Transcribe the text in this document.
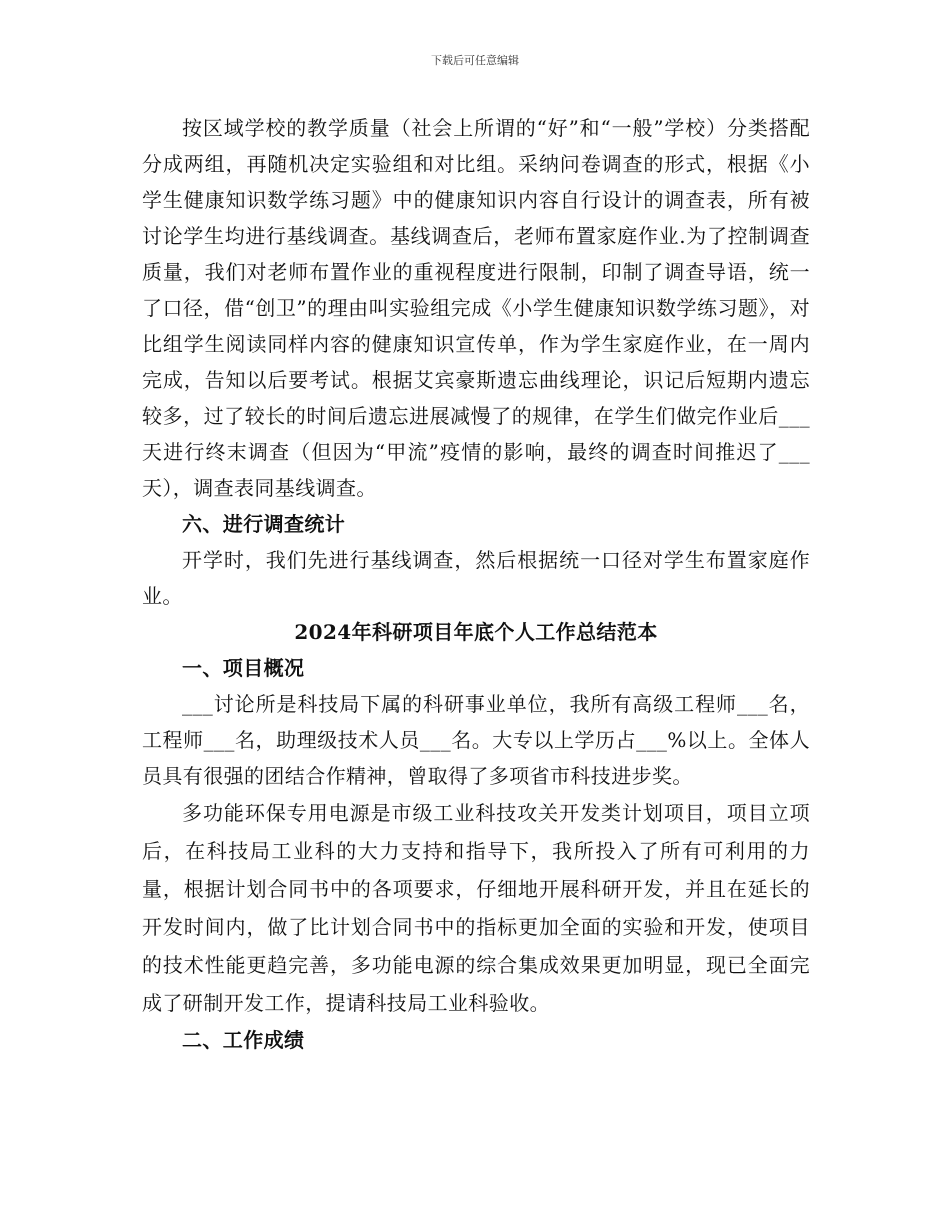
下载后可任意编辑

按区域学校的教学质量（社会上所谓的“好”和“一般”学校）分类搭配分成两组，再随机决定实验组和对比组。采纳问卷调查的形式，根据《小学生健康知识数学练习题》中的健康知识内容自行设计的调查表，所有被讨论学生均进行基线调查。基线调查后，老师布置家庭作业.为了控制调查质量，我们对老师布置作业的重视程度进行限制，印制了调查导语，统一了口径，借“创卫”的理由叫实验组完成《小学生健康知识数学练习题》，对比组学生阅读同样内容的健康知识宣传单，作为学生家庭作业，在一周内完成，告知以后要考试。根据艾宾豪斯遗忘曲线理论，识记后短期内遗忘较多，过了较长的时间后遗忘进展减慢了的规律，在学生们做完作业后___天进行终末调查（但因为“甲流”疫情的影响，最终的调查时间推迟了___天），调查表同基线调查。

六、进行调查统计

开学时，我们先进行基线调查，然后根据统一口径对学生布置家庭作业。

2024年科研项目年底个人工作总结范本

一、项目概况

___讨论所是科技局下属的科研事业单位，我所有高级工程师___名，工程师___名，助理级技术人员___名。大专以上学历占___%以上。全体人员具有很强的团结合作精神，曾取得了多项省市科技进步奖。

多功能环保专用电源是市级工业科技攻关开发类计划项目，项目立项后，在科技局工业科的大力支持和指导下，我所投入了所有可利用的力量，根据计划合同书中的各项要求，仔细地开展科研开发，并且在延长的开发时间内，做了比计划合同书中的指标更加全面的实验和开发，使项目的技术性能更趋完善，多功能电源的综合集成效果更加明显，现已全面完成了研制开发工作，提请科技局工业科验收。

二、工作成绩
